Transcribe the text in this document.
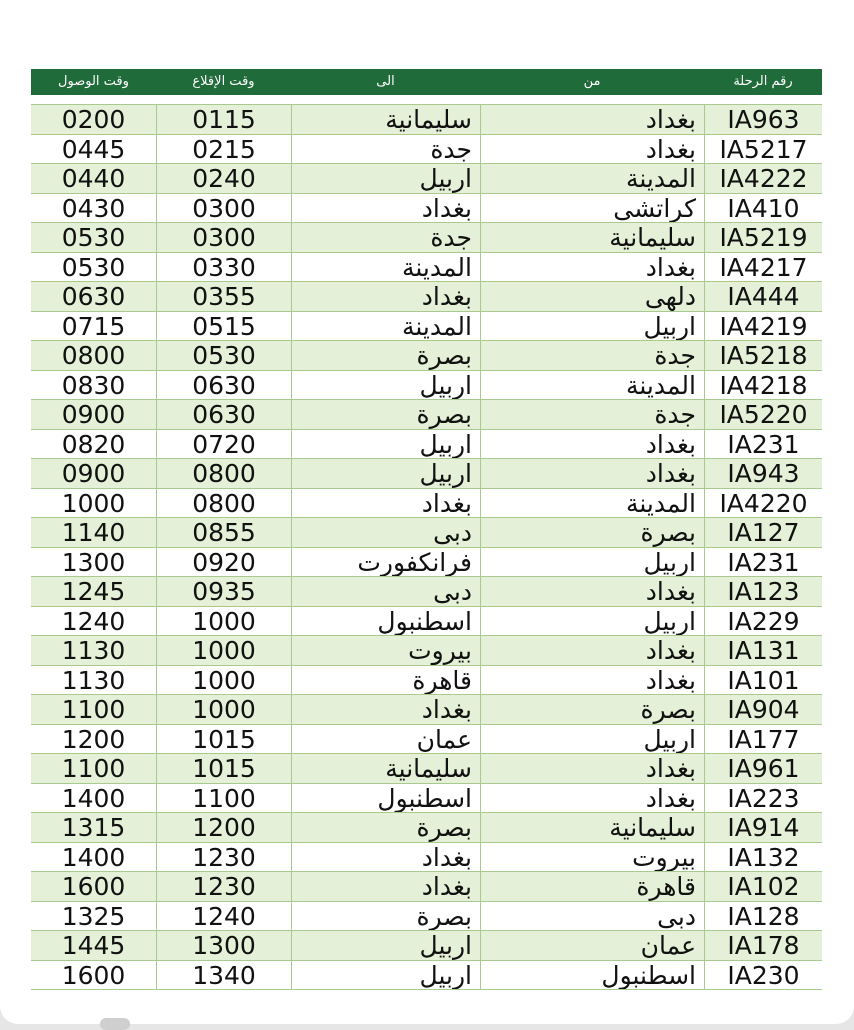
رقم الرحلة
من
الى
وقت الإقلاع
وقت الوصول
IA963
بغداد
سليمانية
0115
0200
IA5217
بغداد
جدة
0215
0445
IA4222
المدينة
اربيل
0240
0440
IA410
كراتشى
بغداد
0300
0430
IA5219
سليمانية
جدة
0300
0530
IA4217
بغداد
المدينة
0330
0530
IA444
دلهى
بغداد
0355
0630
IA4219
اربيل
المدينة
0515
0715
IA5218
جدة
بصرة
0530
0800
IA4218
المدينة
اربيل
0630
0830
IA5220
جدة
بصرة
0630
0900
IA231
بغداد
اربيل
0720
0820
IA943
بغداد
اربيل
0800
0900
IA4220
المدينة
بغداد
0800
1000
IA127
بصرة
دبى
0855
1140
IA231
اربيل
فرانكفورت
0920
1300
IA123
بغداد
دبى
0935
1245
IA229
اربيل
اسطنبول
1000
1240
IA131
بغداد
بيروت
1000
1130
IA101
بغداد
قاهرة
1000
1130
IA904
بصرة
بغداد
1000
1100
IA177
اربيل
عمان
1015
1200
IA961
بغداد
سليمانية
1015
1100
IA223
بغداد
اسطنبول
1100
1400
IA914
سليمانية
بصرة
1200
1315
IA132
بيروت
بغداد
1230
1400
IA102
قاهرة
بغداد
1230
1600
IA128
دبى
بصرة
1240
1325
IA178
عمان
اربيل
1300
1445
IA230
اسطنبول
اربيل
1340
1600
